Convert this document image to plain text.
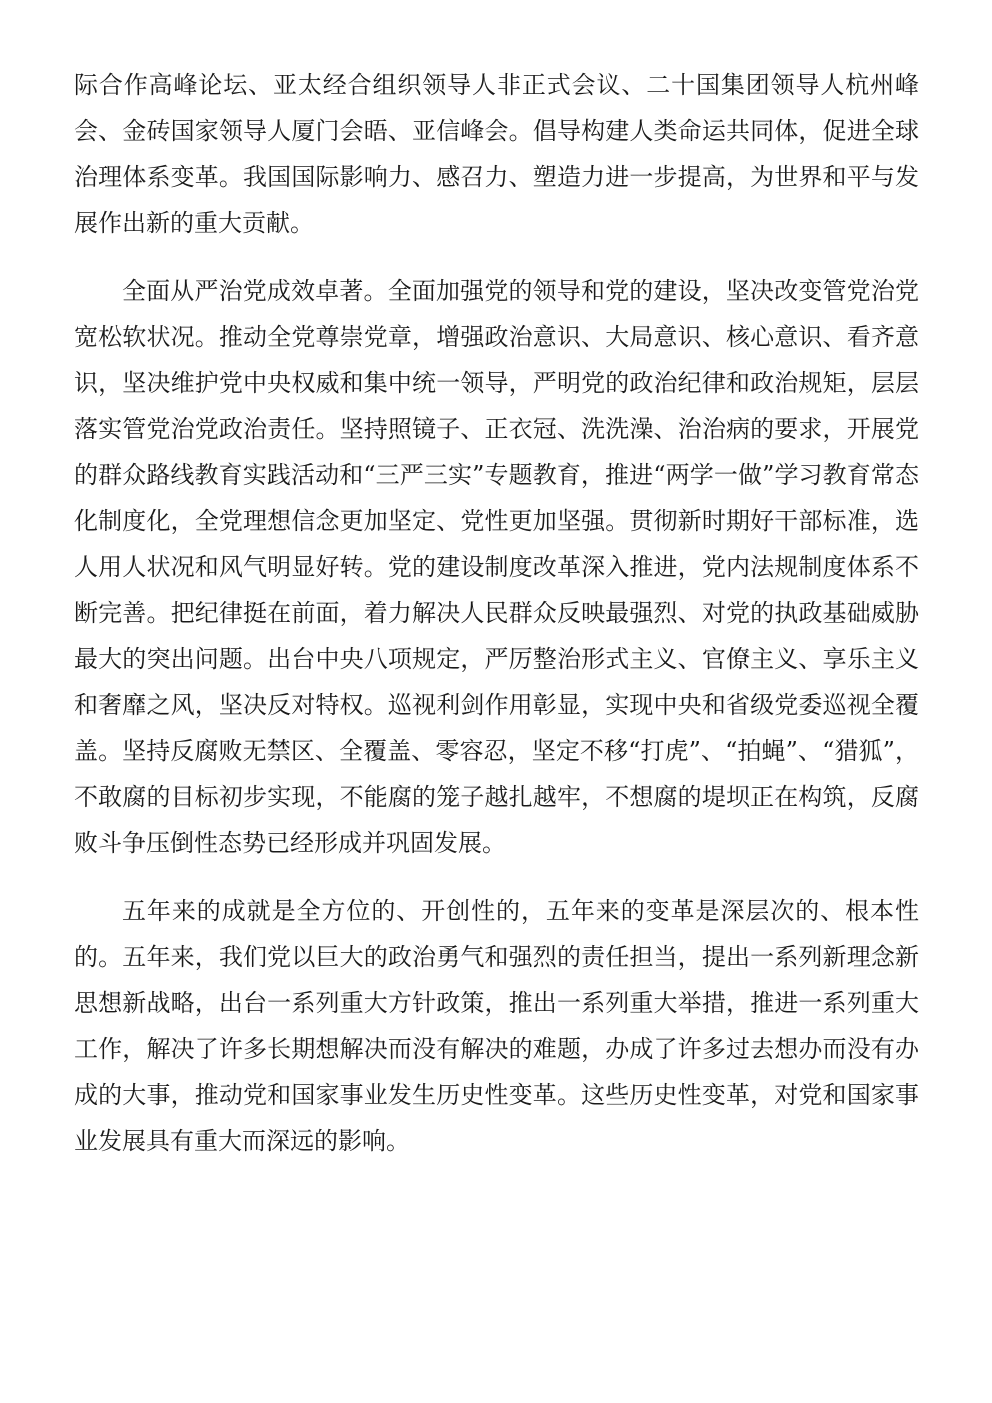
际合作高峰论坛、亚太经合组织领导人非正式会议、二十国集团领导人杭州峰会、金砖国家领导人厦门会晤、亚信峰会。倡导构建人类命运共同体，促进全球治理体系变革。我国国际影响力、感召力、塑造力进一步提高，为世界和平与发展作出新的重大贡献。

全面从严治党成效卓著。全面加强党的领导和党的建设，坚决改变管党治党宽松软状况。推动全党尊崇党章，增强政治意识、大局意识、核心意识、看齐意识，坚决维护党中央权威和集中统一领导，严明党的政治纪律和政治规矩，层层落实管党治党政治责任。坚持照镜子、正衣冠、洗洗澡、治治病的要求，开展党的群众路线教育实践活动和“三严三实”专题教育，推进“两学一做”学习教育常态化制度化，全党理想信念更加坚定、党性更加坚强。贯彻新时期好干部标准，选人用人状况和风气明显好转。党的建设制度改革深入推进，党内法规制度体系不断完善。把纪律挺在前面，着力解决人民群众反映最强烈、对党的执政基础威胁最大的突出问题。出台中央八项规定，严厉整治形式主义、官僚主义、享乐主义和奢靡之风，坚决反对特权。巡视利剑作用彰显，实现中央和省级党委巡视全覆盖。坚持反腐败无禁区、全覆盖、零容忍，坚定不移“打虎”、“拍蝇”、“猎狐”，不敢腐的目标初步实现，不能腐的笼子越扎越牢，不想腐的堤坝正在构筑，反腐败斗争压倒性态势已经形成并巩固发展。

五年来的成就是全方位的、开创性的，五年来的变革是深层次的、根本性的。五年来，我们党以巨大的政治勇气和强烈的责任担当，提出一系列新理念新思想新战略，出台一系列重大方针政策，推出一系列重大举措，推进一系列重大工作，解决了许多长期想解决而没有解决的难题，办成了许多过去想办而没有办成的大事，推动党和国家事业发生历史性变革。这些历史性变革，对党和国家事业发展具有重大而深远的影响。
